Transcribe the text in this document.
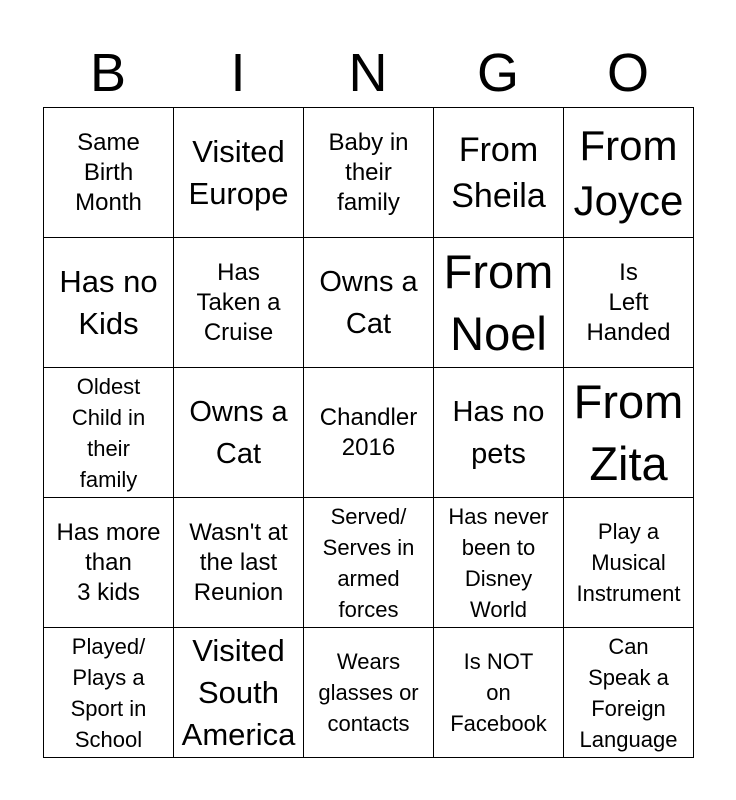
B	I	N	G	O
Same
Birth
Month	Visited
Europe	Baby in
their
family	From
Sheila	From
Joyce

Has no
Kids	Has
Taken a
Cruise	Owns a
Cat	From
Noel	Is
Left
Handed

Oldest
Child in
their
family	Owns a
Cat	Chandler
2016	Has no
pets	From
Zita

Has more
than
3 kids	Wasn't at
the last
Reunion	Served/
Serves in
armed
forces	Has never
been to
Disney
World	Play a
Musical
Instrument

Played/
Plays a
Sport in
School	Visited
South
America	Wears
glasses or
contacts	Is NOT
on
Facebook	Can
Speak a
Foreign
Language
